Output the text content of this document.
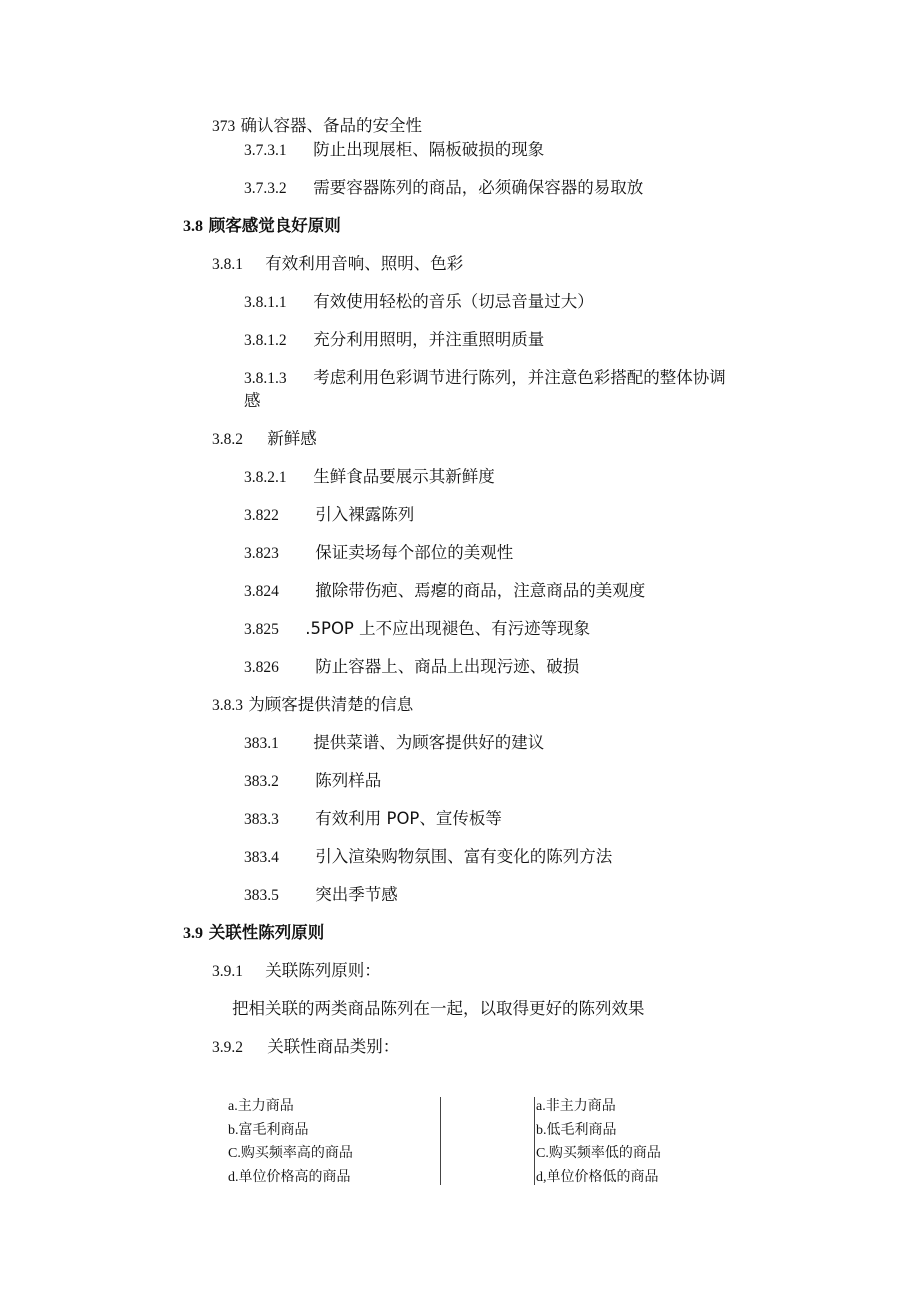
373 确认容器、备品的安全性
3.7.3.1 防止出现展柜、隔板破损的现象
3.7.3.2 需要容器陈列的商品，必须确保容器的易取放
3.8 顾客感觉良好原则
3.8.1 有效利用音响、照明、色彩
3.8.1.1 有效使用轻松的音乐（切忌音量过大）
3.8.1.2 充分利用照明，并注重照明质量
3.8.1.3 考虑利用色彩调节进行陈列，并注意色彩搭配的整体协调
感
3.8.2 新鲜感
3.8.2.1 生鲜食品要展示其新鲜度
3.822 引入裸露陈列
3.823 保证卖场每个部位的美观性
3.824 撤除带伤疤、焉瘪的商品，注意商品的美观度
3.825 .5POP 上不应出现褪色、有污迹等现象
3.826 防止容器上、商品上出现污迹、破损
3.8.3 为顾客提供清楚的信息
383.1 提供菜谱、为顾客提供好的建议
383.2 陈列样品
383.3 有效利用 POP、宣传板等
383.4 引入渲染购物氛围、富有变化的陈列方法
383.5 突出季节感
3.9 关联性陈列原则
3.9.1 关联陈列原则：
把相关联的两类商品陈列在一起，以取得更好的陈列效果
3.9.2 关联性商品类别：
a.主力商品
b.富毛利商品
C.购买频率高的商品
d.单位价格高的商品
a.非主力商品
b.低毛利商品
C.购买频率低的商品
d,单位价格低的商品
